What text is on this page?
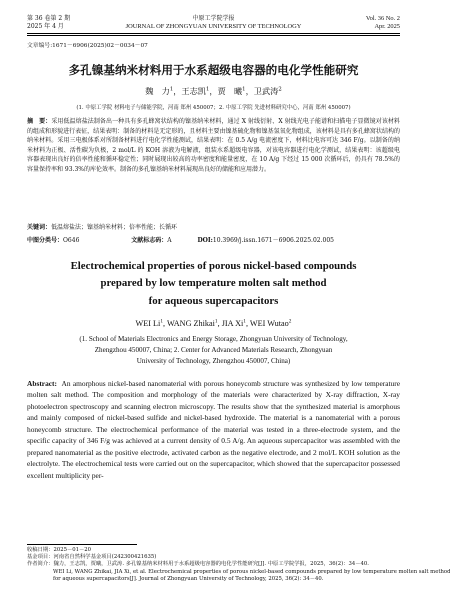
第 36 卷第 2 期
2025 年 4 月
中原工学院学报
JOURNAL OF ZHONGYUAN UNIVERSITY OF TECHNOLOGY
Vol. 36 No. 2
Apr. 2025
文章编号:1671－6906(2025)02－0034－07
多孔镍基纳米材料用于水系超级电容器的电化学性能研究
魏　力$^1$，王志凯$^1$，贾　曦$^1$，卫武涛$^2$
(1. 中原工学院 材料电子与储能学院，河南 郑州 450007；2. 中原工学院 先进材料研究中心，河南 郑州 450007)
摘　要：采用低温熔盐法制备出一种具有多孔蜂窝状结构的镍基纳米材料，通过 X 射线衍射、X 射线光电子能谱和扫描电子显微镜对该材料的组成和形貌进行表征，结果表明：制备的材料是无定形的，且材料主要由镍基硫化物和镍基氢氧化物组成，该材料是具有多孔蜂窝状结构的纳米材料。采用三电极体系对所制备材料进行电化学性能测试，结果表明：在 0.5 A/g 电流密度下，材料比电容可达 346 F/g。以制备的纳米材料为正极、活性碳为负极，2 mol/L 的 KOH 溶液为电解液，组装水系超级电容器，对该电容器进行电化学测试，结果表明：该超级电容器表现出良好的倍率性能和循环稳定性；同时展现出较高的功率密度和能量密度，在 10 A/g 下经过 15 000 次循环后，仍具有 78.5%的容量保持率和 93.3%的库伦效率。制备的多孔镍基纳米材料展现出良好的储能和应用潜力。
关键词：低温熔盐法；镍基纳米材料；倍率性能；长循环
中图分类号：O646	文献标志码：A	DOI:10.3969/j.issn.1671－6906.2025.02.005
Electrochemical properties of porous nickel-based compounds
prepared by low temperature molten salt method
for aqueous supercapacitors
WEI Li$^1$, WANG Zhikai$^1$, JIA Xi$^1$, WEI Wutao$^2$
(1. School of Materials Electronics and Energy Storage, Zhongyuan University of Technology,
Zhengzhou 450007, China; 2. Center for Advanced Materials Research, Zhongyuan
University of Technology, Zhengzhou 450007, China)
Abstract: An amorphous nickel-based nanomaterial with porous honeycomb structure was synthesized by low temperature molten salt method. The composition and morphology of the materials were characterized by X-ray diffraction, X-ray photoelectron spectroscopy and scanning electron microscopy. The results show that the synthesized material is amorphous and mainly composed of nickel-based sulfide and nickel-based hydroxide. The material is a nanomaterial with a porous honeycomb structure. The electrochemical performance of the material was tested in a three-electrode system, and the specific capacity of 346 F/g was achieved at a current density of 0.5 A/g. An aqueous supercapacitor was assembled with the prepared nanomaterial as the positive electrode, activated carbon as the negative electrode, and 2 mol/L KOH solution as the electrolyte. The electrochemical tests were carried out on the supercapacitor, which showed that the supercapacitor possessed excellent multiplicity per-
收稿日期：2025－01－20
基金项目：河南省自然科学基金项目(242300421635)
作者简介：魏力，王志凯，贾曦，卫武涛. 多孔镍基纳米材料用于水系超级电容器的电化学性能研究[J]. 中原工学院学报，2025，36(2)：34－40.
WEI Li, WANG Zhikai, JIA Xi, et al. Electrochemical properties of porous nickel-based compounds prepared by low temperature molten salt method
for aqueous supercapacitors[J]. Journal of Zhongyuan University of Technology, 2025, 36(2): 34－40.
